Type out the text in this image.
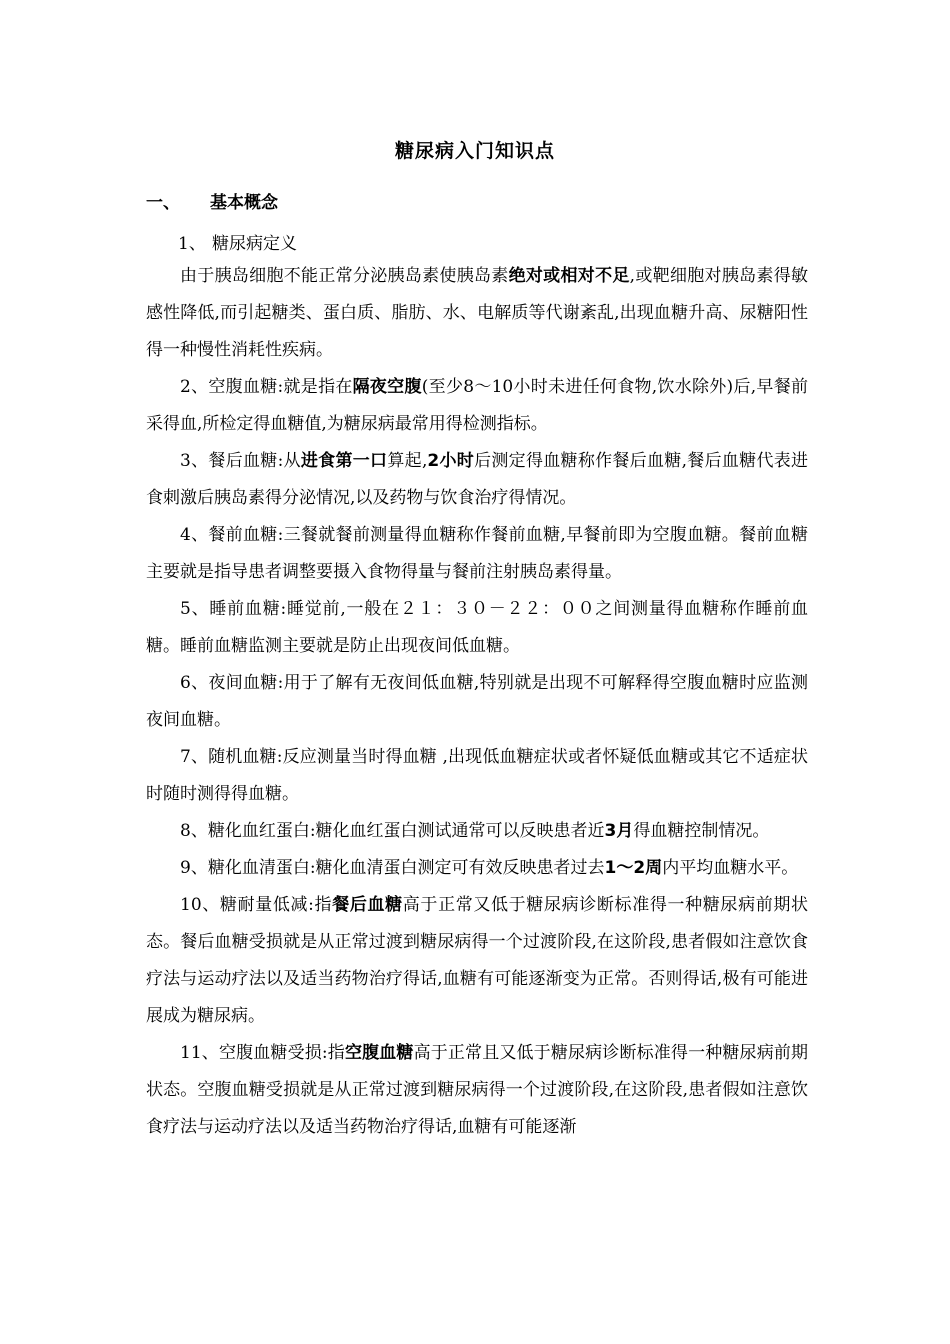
糖尿病入门知识点
一、 基本概念
1、 糖尿病定义

由于胰岛细胞不能正常分泌胰岛素使胰岛素绝对或相对不足,或靶细胞对胰岛素得敏感性降低,而引起糖类、蛋白质、脂肪、水、电解质等代谢紊乱,出现血糖升高、尿糖阳性得一种慢性消耗性疾病。

2、空腹血糖:就是指在隔夜空腹(至少8～10小时未进任何食物,饮水除外)后,早餐前采得血,所检定得血糖值,为糖尿病最常用得检测指标。

3、餐后血糖:从进食第一口算起,2小时后测定得血糖称作餐后血糖,餐后血糖代表进食刺激后胰岛素得分泌情况,以及药物与饮食治疗得情况。

4、餐前血糖:三餐就餐前测量得血糖称作餐前血糖,早餐前即为空腹血糖。餐前血糖主要就是指导患者调整要摄入食物得量与餐前注射胰岛素得量。

5、睡前血糖:睡觉前,一般在２１：３０－２２：００之间测量得血糖称作睡前血糖。睡前血糖监测主要就是防止出现夜间低血糖。

6、夜间血糖:用于了解有无夜间低血糖,特别就是出现不可解释得空腹血糖时应监测夜间血糖。

7、随机血糖:反应测量当时得血糖 ,出现低血糖症状或者怀疑低血糖或其它不适症状时随时测得得血糖。

8、糖化血红蛋白:糖化血红蛋白测试通常可以反映患者近3月得血糖控制情况。

9、糖化血清蛋白:糖化血清蛋白测定可有效反映患者过去1～2周内平均血糖水平。

10、糖耐量低减:指餐后血糖高于正常又低于糖尿病诊断标准得一种糖尿病前期状态。餐后血糖受损就是从正常过渡到糖尿病得一个过渡阶段,在这阶段,患者假如注意饮食疗法与运动疗法以及适当药物治疗得话,血糖有可能逐渐变为正常。否则得话,极有可能进展成为糖尿病。

11、空腹血糖受损:指空腹血糖高于正常且又低于糖尿病诊断标准得一种糖尿病前期状态。空腹血糖受损就是从正常过渡到糖尿病得一个过渡阶段,在这阶段,患者假如注意饮食疗法与运动疗法以及适当药物治疗得话,血糖有可能逐渐
